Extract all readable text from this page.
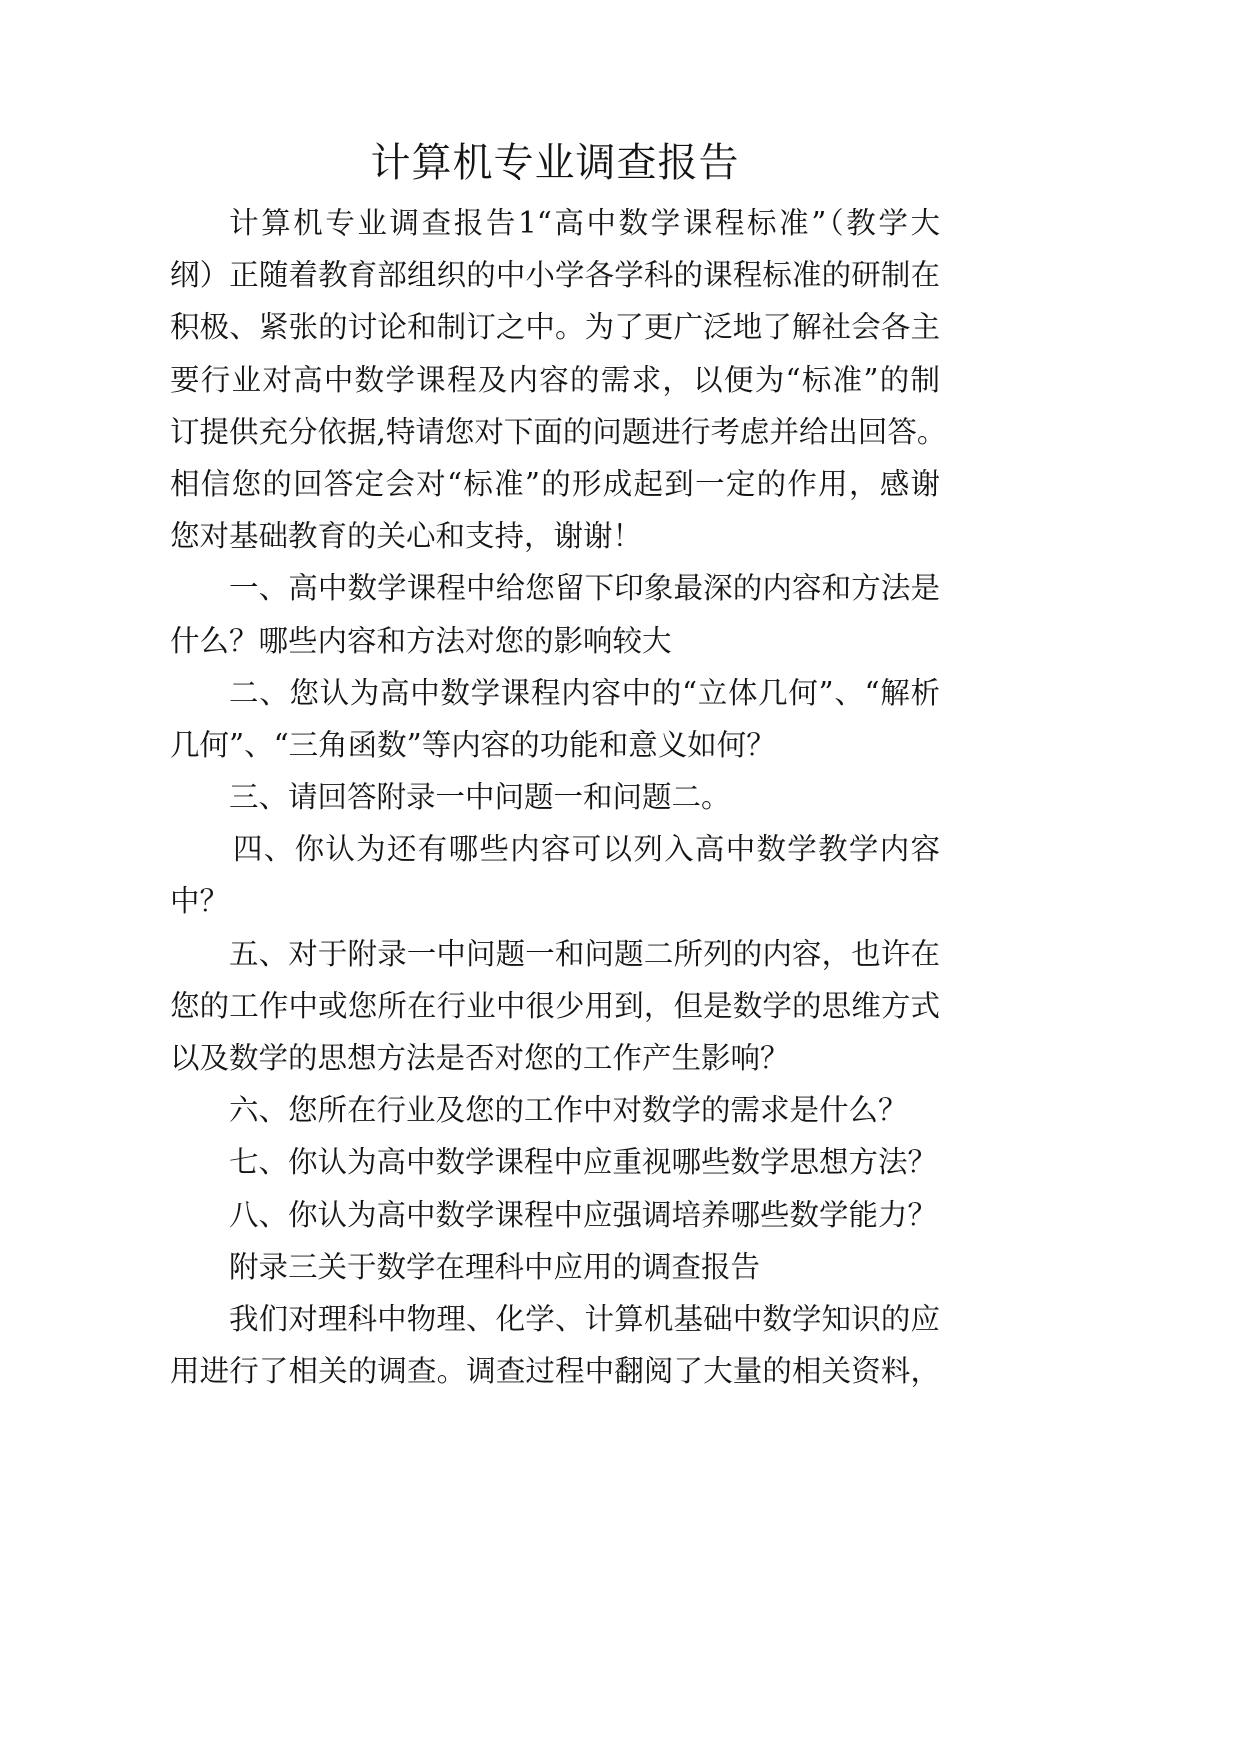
计算机专业调查报告
计算机专业调查报告1“高中数学课程标准”（教学大
纲）正随着教育部组织的中小学各学科的课程标准的研制在
积极、紧张的讨论和制订之中。为了更广泛地了解社会各主
要行业对高中数学课程及内容的需求，以便为“标准”的制
订提供充分依据,特请您对下面的问题进行考虑并给出回答。
相信您的回答定会对“标准”的形成起到一定的作用，感谢
您对基础教育的关心和支持，谢谢！
一、高中数学课程中给您留下印象最深的内容和方法是
什么？哪些内容和方法对您的影响较大
二、您认为高中数学课程内容中的“立体几何”、“解析
几何”、“三角函数”等内容的功能和意义如何？
三、请回答附录一中问题一和问题二。
四、你认为还有哪些内容可以列入高中数学教学内容
中？
五、对于附录一中问题一和问题二所列的内容，也许在
您的工作中或您所在行业中很少用到，但是数学的思维方式
以及数学的思想方法是否对您的工作产生影响？
六、您所在行业及您的工作中对数学的需求是什么？
七、你认为高中数学课程中应重视哪些数学思想方法？
八、你认为高中数学课程中应强调培养哪些数学能力？
附录三关于数学在理科中应用的调查报告
我们对理科中物理、化学、计算机基础中数学知识的应
用进行了相关的调查。调查过程中翻阅了大量的相关资料，
